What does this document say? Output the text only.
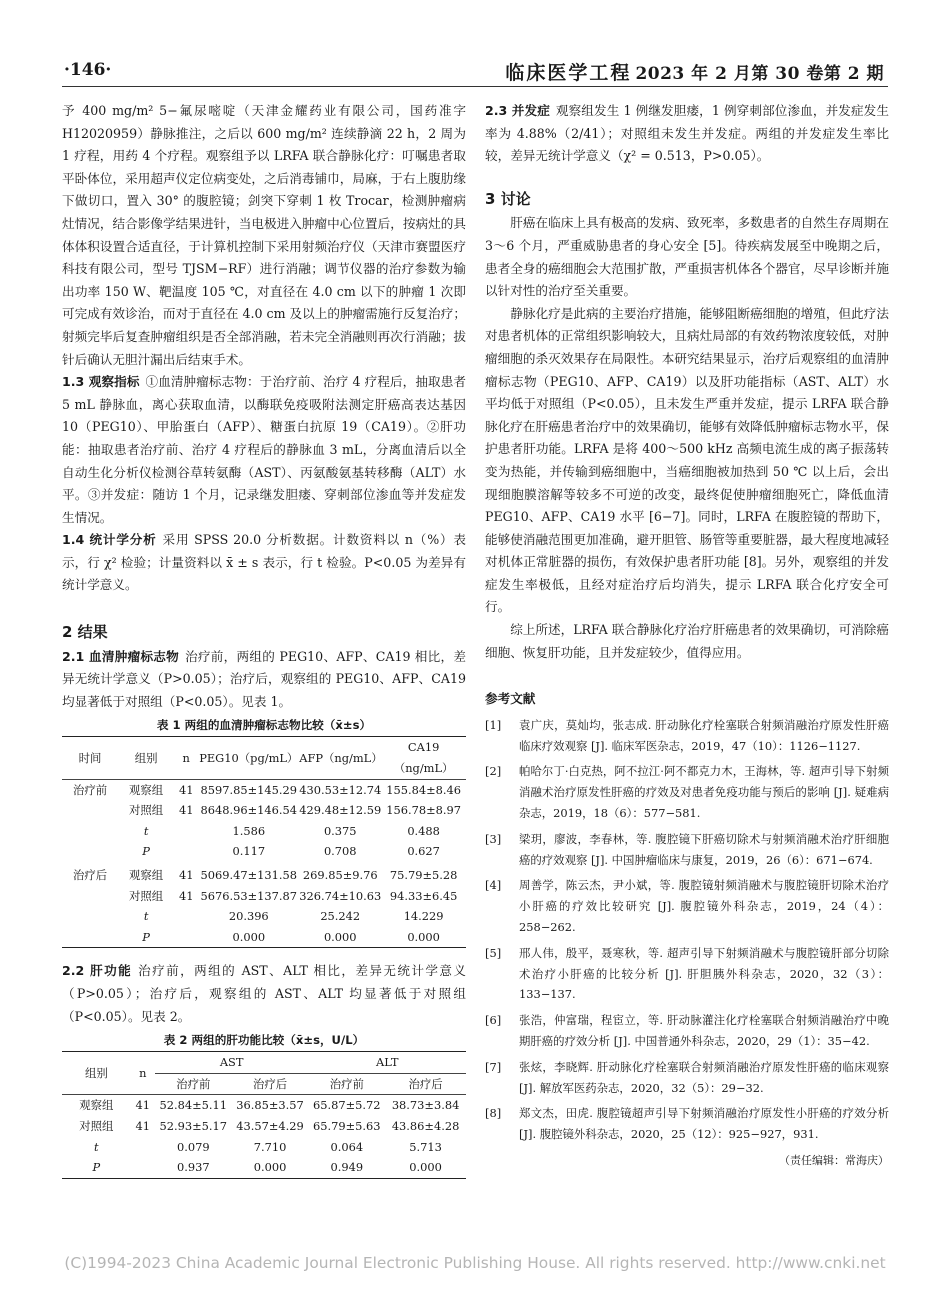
·146·	临床医学工程 2023 年 2 月第 30 卷第 2 期

予 400 mg/m² 5−氟尿嘧啶（天津金耀药业有限公司，国药准字 H12020959）静脉推注，之后以 600 mg/m² 连续静滴 22 h，2 周为 1 疗程，用药 4 个疗程。观察组予以 LRFA 联合静脉化疗：叮嘱患者取平卧体位，采用超声仪定位病变处，之后消毒铺巾，局麻，于右上腹肋缘下做切口，置入 30° 的腹腔镜；剑突下穿刺 1 枚 Trocar，检测肿瘤病灶情况，结合影像学结果进针，当电极进入肿瘤中心位置后，按病灶的具体体积设置合适直径，于计算机控制下采用射频治疗仪（天津市赛盟医疗科技有限公司，型号 TJSM−RF）进行消融；调节仪器的治疗参数为输出功率 150 W、靶温度 105 ℃，对直径在 4.0 cm 以下的肿瘤 1 次即可完成有效诊治，而对于直径在 4.0 cm 及以上的肿瘤需施行反复治疗；射频完毕后复查肿瘤组织是否全部消融，若未完全消融则再次行消融；拔针后确认无胆汁漏出后结束手术。

1.3 观察指标 ①血清肿瘤标志物：于治疗前、治疗 4 疗程后，抽取患者 5 mL 静脉血，离心获取血清，以酶联免疫吸附法测定肝癌高表达基因 10（PEG10）、甲胎蛋白（AFP）、糖蛋白抗原 19（CA19）。②肝功能：抽取患者治疗前、治疗 4 疗程后的静脉血 3 mL，分离血清后以全自动生化分析仪检测谷草转氨酶（AST）、丙氨酸氨基转移酶（ALT）水平。③并发症：随访 1 个月，记录继发胆瘘、穿刺部位渗血等并发症发生情况。

1.4 统计学分析 采用 SPSS 20.0 分析数据。计数资料以 n（%）表示，行 χ² 检验；计量资料以 x̄ ± s 表示，行 t 检验。P<0.05 为差异有统计学意义。

2 结果

2.1 血清肿瘤标志物 治疗前，两组的 PEG10、AFP、CA19 相比，差异无统计学意义（P>0.05）；治疗后，观察组的 PEG10、AFP、CA19 均显著低于对照组（P<0.05）。见表 1。

表 1 两组的血清肿瘤标志物比较（x̄±s）
时间	组别	n	PEG10（pg/mL）	AFP（ng/mL）	CA19（ng/mL）
治疗前	观察组	41	8597.85±145.29	430.53±12.74	155.84±8.46
	对照组	41	8648.96±146.54	429.48±12.59	156.78±8.97
	t		1.586	0.375	0.488
	P		0.117	0.708	0.627

治疗后	观察组	41	5069.47±131.58	269.85±9.76	75.79±5.28
	对照组	41	5676.53±137.87	326.74±10.63	94.33±6.45
	t		20.396	25.242	14.229
	P		0.000	0.000	0.000

2.2 肝功能 治疗前，两组的 AST、ALT 相比，差异无统计学意义（P>0.05）；治疗后，观察组的 AST、ALT 均显著低于对照组（P<0.05）。见表 2。

表 2 两组的肝功能比较（x̄±s，U/L）
组别	n	AST		ALT	
		治疗前	治疗后	治疗前	治疗后
观察组	41	52.84±5.11	36.85±3.57	65.87±5.72	38.73±3.84
对照组	41	52.93±5.17	43.57±4.29	65.79±5.63	43.86±4.28
t		0.079	7.710	0.064	5.713
P		0.937	0.000	0.949	0.000

2.3 并发症 观察组发生 1 例继发胆瘘，1 例穿刺部位渗血，并发症发生率为 4.88%（2/41）；对照组未发生并发症。两组的并发症发生率比较，差异无统计学意义（χ² = 0.513，P>0.05）。

3 讨论

肝癌在临床上具有极高的发病、致死率，多数患者的自然生存周期在 3～6 个月，严重威胁患者的身心安全 [5]。待疾病发展至中晚期之后，患者全身的癌细胞会大范围扩散，严重损害机体各个器官，尽早诊断并施以针对性的治疗至关重要。

静脉化疗是此病的主要治疗措施，能够阻断癌细胞的增殖，但此疗法对患者机体的正常组织影响较大，且病灶局部的有效药物浓度较低，对肿瘤细胞的杀灭效果存在局限性。本研究结果显示，治疗后观察组的血清肿瘤标志物（PEG10、AFP、CA19）以及肝功能指标（AST、ALT）水平均低于对照组（P<0.05），且未发生严重并发症，提示 LRFA 联合静脉化疗在肝癌患者治疗中的效果确切，能够有效降低肿瘤标志物水平，保护患者肝功能。LRFA 是将 400～500 kHz 高频电流生成的离子振荡转变为热能，并传输到癌细胞中，当癌细胞被加热到 50 ℃ 以上后，会出现细胞膜溶解等较多不可逆的改变，最终促使肿瘤细胞死亡，降低血清 PEG10、AFP、CA19 水平 [6−7]。同时，LRFA 在腹腔镜的帮助下，能够使消融范围更加准确，避开胆管、肠管等重要脏器，最大程度地减轻对机体正常脏器的损伤，有效保护患者肝功能 [8]。另外，观察组的并发症发生率极低，且经对症治疗后均消失，提示 LRFA 联合化疗安全可行。

综上所述，LRFA 联合静脉化疗治疗肝癌患者的效果确切，可消除癌细胞、恢复肝功能，且并发症较少，值得应用。

参考文献
[1] 袁广庆，莫灿均，张志成. 肝动脉化疗栓塞联合射频消融治疗原发性肝癌临床疗效观察 [J]. 临床军医杂志，2019，47（10）：1126−1127.
[2] 帕哈尔丁·白克热，阿不拉江·阿不都克力木，王海林，等. 超声引导下射频消融术治疗原发性肝癌的疗效及对患者免疫功能与预后的影响 [J]. 疑难病杂志，2019，18（6）：577−581.
[3] 梁玥，廖波，李春林，等. 腹腔镜下肝癌切除术与射频消融术治疗肝细胞癌的疗效观察 [J]. 中国肿瘤临床与康复，2019，26（6）：671−674.
[4] 周善学，陈云杰，尹小斌，等. 腹腔镜射频消融术与腹腔镜肝切除术治疗小肝癌的疗效比较研究 [J]. 腹腔镜外科杂志，2019，24（4）：258−262.
[5] 邢人伟，殷平，聂寒秋，等. 超声引导下射频消融术与腹腔镜肝部分切除术治疗小肝癌的比较分析 [J]. 肝胆胰外科杂志，2020，32（3）：133−137.
[6] 张浩，仲富瑞，程宦立，等. 肝动脉灌注化疗栓塞联合射频消融治疗中晚期肝癌的疗效分析 [J]. 中国普通外科杂志，2020，29（1）：35−42.
[7] 张炫，李晓辉. 肝动脉化疗栓塞联合射频消融治疗原发性肝癌的临床观察 [J]. 解放军医药杂志，2020，32（5）：29−32.
[8] 郑文杰，田虎. 腹腔镜超声引导下射频消融治疗原发性小肝癌的疗效分析 [J]. 腹腔镜外科杂志，2020，25（12）：925−927，931.
（责任编辑：常海庆）
(C)1994-2023 China Academic Journal Electronic Publishing House. All rights reserved. http://www.cnki.net
